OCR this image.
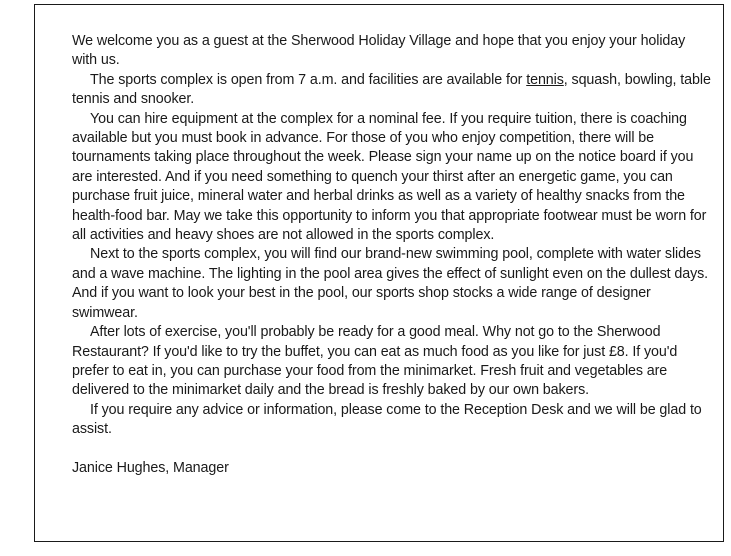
We welcome you as a guest at the Sherwood Holiday Village and hope that you enjoy your holiday with us.

The sports complex is open from 7 a.m. and facilities are available for tennis, squash, bowling, table tennis and snooker.

You can hire equipment at the complex for a nominal fee. If you require tuition, there is coaching available but you must book in advance. For those of you who enjoy competition, there will be tournaments taking place throughout the week. Please sign your name up on the notice board if you are interested. And if you need something to quench your thirst after an energetic game, you can purchase fruit juice, mineral water and herbal drinks as well as a variety of healthy snacks from the health-food bar. May we take this opportunity to inform you that appropriate footwear must be worn for all activities and heavy shoes are not allowed in the sports complex.

Next to the sports complex, you will find our brand-new swimming pool, complete with water slides and a wave machine. The lighting in the pool area gives the effect of sunlight even on the dullest days. And if you want to look your best in the pool, our sports shop stocks a wide range of designer swimwear.

After lots of exercise, you'll probably be ready for a good meal. Why not go to the Sherwood Restaurant? If you'd like to try the buffet, you can eat as much food as you like for just £8. If you'd prefer to eat in, you can purchase your food from the minimarket. Fresh fruit and vegetables are delivered to the minimarket daily and the bread is freshly baked by our own bakers.

If you require any advice or information, please come to the Reception Desk and we will be glad to assist.

Janice Hughes, Manager
